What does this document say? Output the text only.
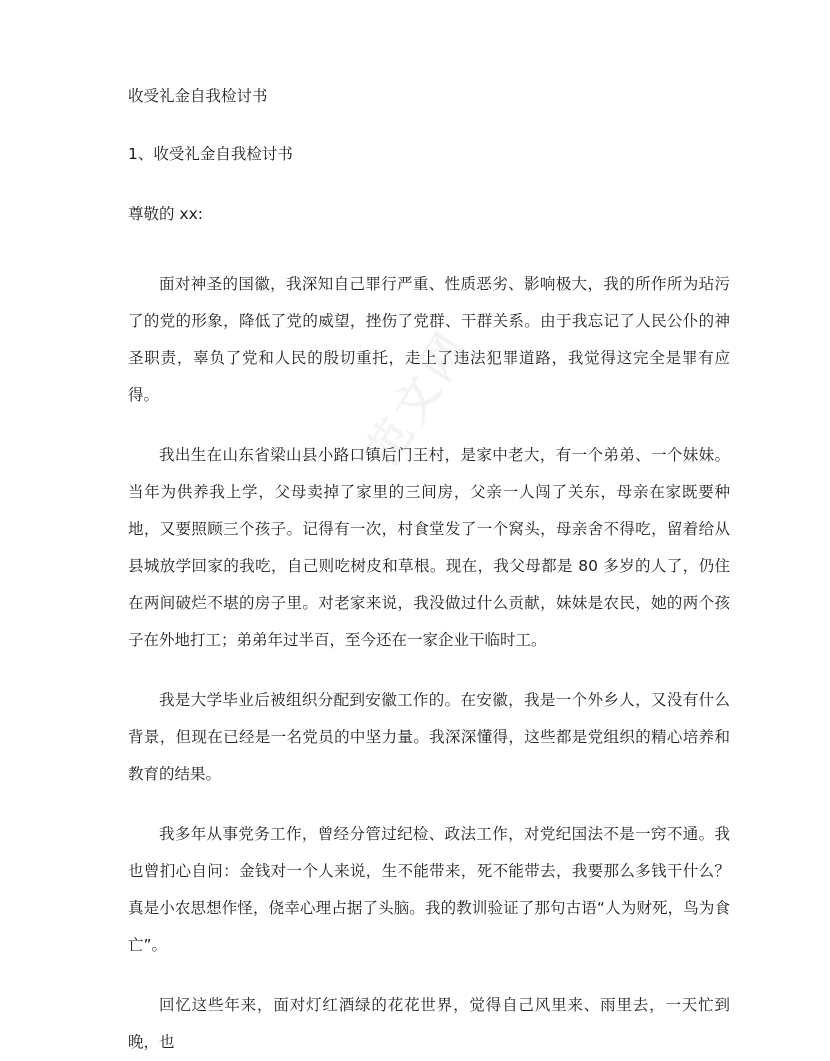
收受礼金自我检讨书

1、收受礼金自我检讨书

尊敬的 xx:

面对神圣的国徽，我深知自己罪行严重、性质恶劣、影响极大，我的所作所为玷污了的党的形象，降低了党的威望，挫伤了党群、干群关系。由于我忘记了人民公仆的神圣职责，辜负了党和人民的殷切重托，走上了违法犯罪道路，我觉得这完全是罪有应得。

我出生在山东省梁山县小路口镇后门王村，是家中老大，有一个弟弟、一个妹妹。当年为供养我上学，父母卖掉了家里的三间房，父亲一人闯了关东，母亲在家既要种地，又要照顾三个孩子。记得有一次，村食堂发了一个窝头，母亲舍不得吃，留着给从县城放学回家的我吃，自己则吃树皮和草根。现在，我父母都是 80 多岁的人了，仍住在两间破烂不堪的房子里。对老家来说，我没做过什么贡献，妹妹是农民，她的两个孩子在外地打工；弟弟年过半百，至今还在一家企业干临时工。

我是大学毕业后被组织分配到安徽工作的。在安徽，我是一个外乡人，又没有什么背景，但现在已经是一名党员的中坚力量。我深深懂得，这些都是党组织的精心培养和教育的结果。

我多年从事党务工作，曾经分管过纪检、政法工作，对党纪国法不是一窍不通。我也曾扪心自问：金钱对一个人来说，生不能带来，死不能带去，我要那么多钱干什么？真是小农思想作怪，侥幸心理占据了头脑。我的教训验证了那句古语“人为财死，鸟为食亡”。

回忆这些年来，面对灯红酒绿的花花世界，觉得自己风里来、雨里去，一天忙到晚，也
